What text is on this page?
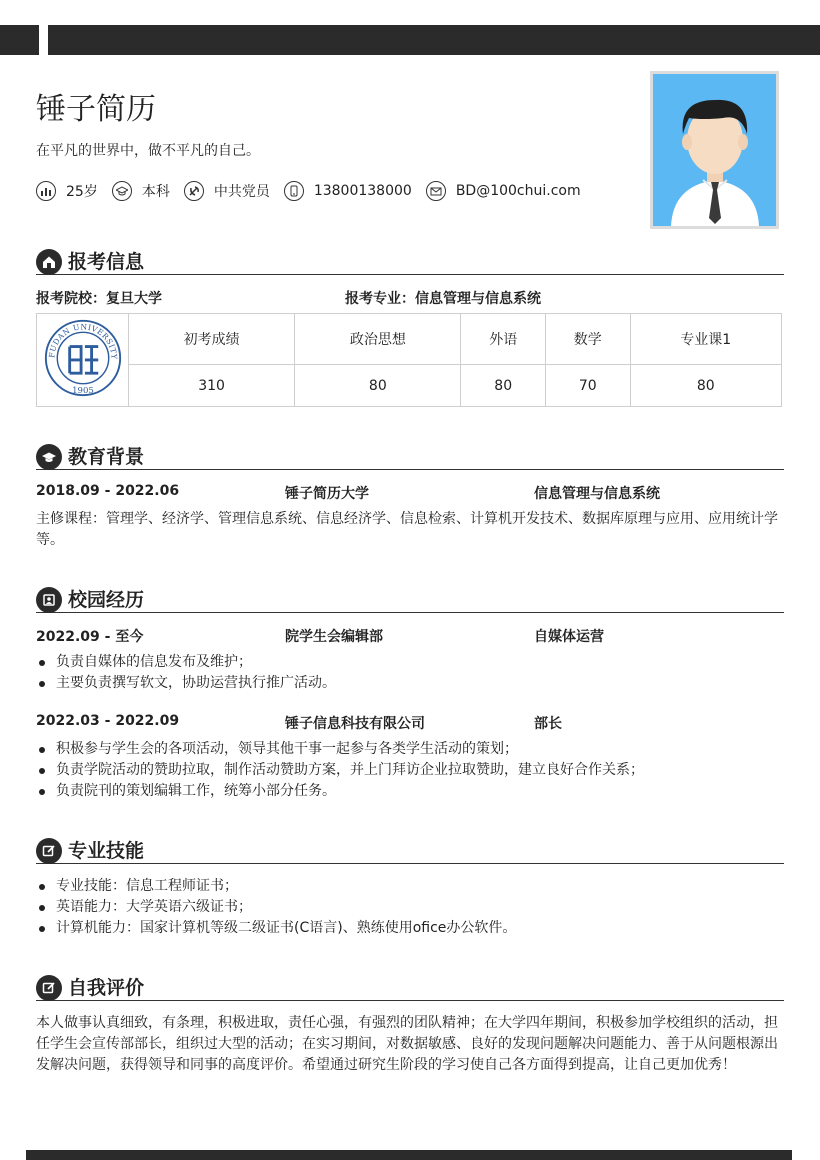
锤子简历
在平凡的世界中，做不平凡的自己。
25岁	本科	中共党员	13800138000	BD@100chui.com
报考信息
报考院校：复旦大学	报考专业：信息管理与信息系统
FUDAN UNIVERSITY
1905	初考成绩	政治思想	外语	数学	专业课1
	310	80	80	70	80
教育背景
2018.09 - 2022.06	锤子简历大学	信息管理与信息系统
主修课程：管理学、经济学、管理信息系统、信息经济学、信息检索、计算机开发技术、数据库原理与应用、应用统计学等。
校园经历
2022.09 - 至今	院学生会编辑部	自媒体运营
负责自媒体的信息发布及维护；
主要负责撰写软文，协助运营执行推广活动。
2022.03 - 2022.09	锤子信息科技有限公司	部长
积极参与学生会的各项活动，领导其他干事一起参与各类学生活动的策划；
负责学院活动的赞助拉取，制作活动赞助方案，并上门拜访企业拉取赞助，建立良好合作关系；
负责院刊的策划编辑工作，统筹小部分任务。
专业技能
专业技能：信息工程师证书；
英语能力：大学英语六级证书；
计算机能力：国家计算机等级二级证书(C语言)、熟练使用ofice办公软件。
自我评价
本人做事认真细致，有条理，积极进取，责任心强，有强烈的团队精神；在大学四年期间，积极参加学校组织的活动，担任学生会宣传部部长，组织过大型的活动；在实习期间，对数据敏感、良好的发现问题解决问题能力、善于从问题根源出发解决问题，获得领导和同事的高度评价。希望通过研究生阶段的学习使自己各方面得到提高，让自己更加优秀！
